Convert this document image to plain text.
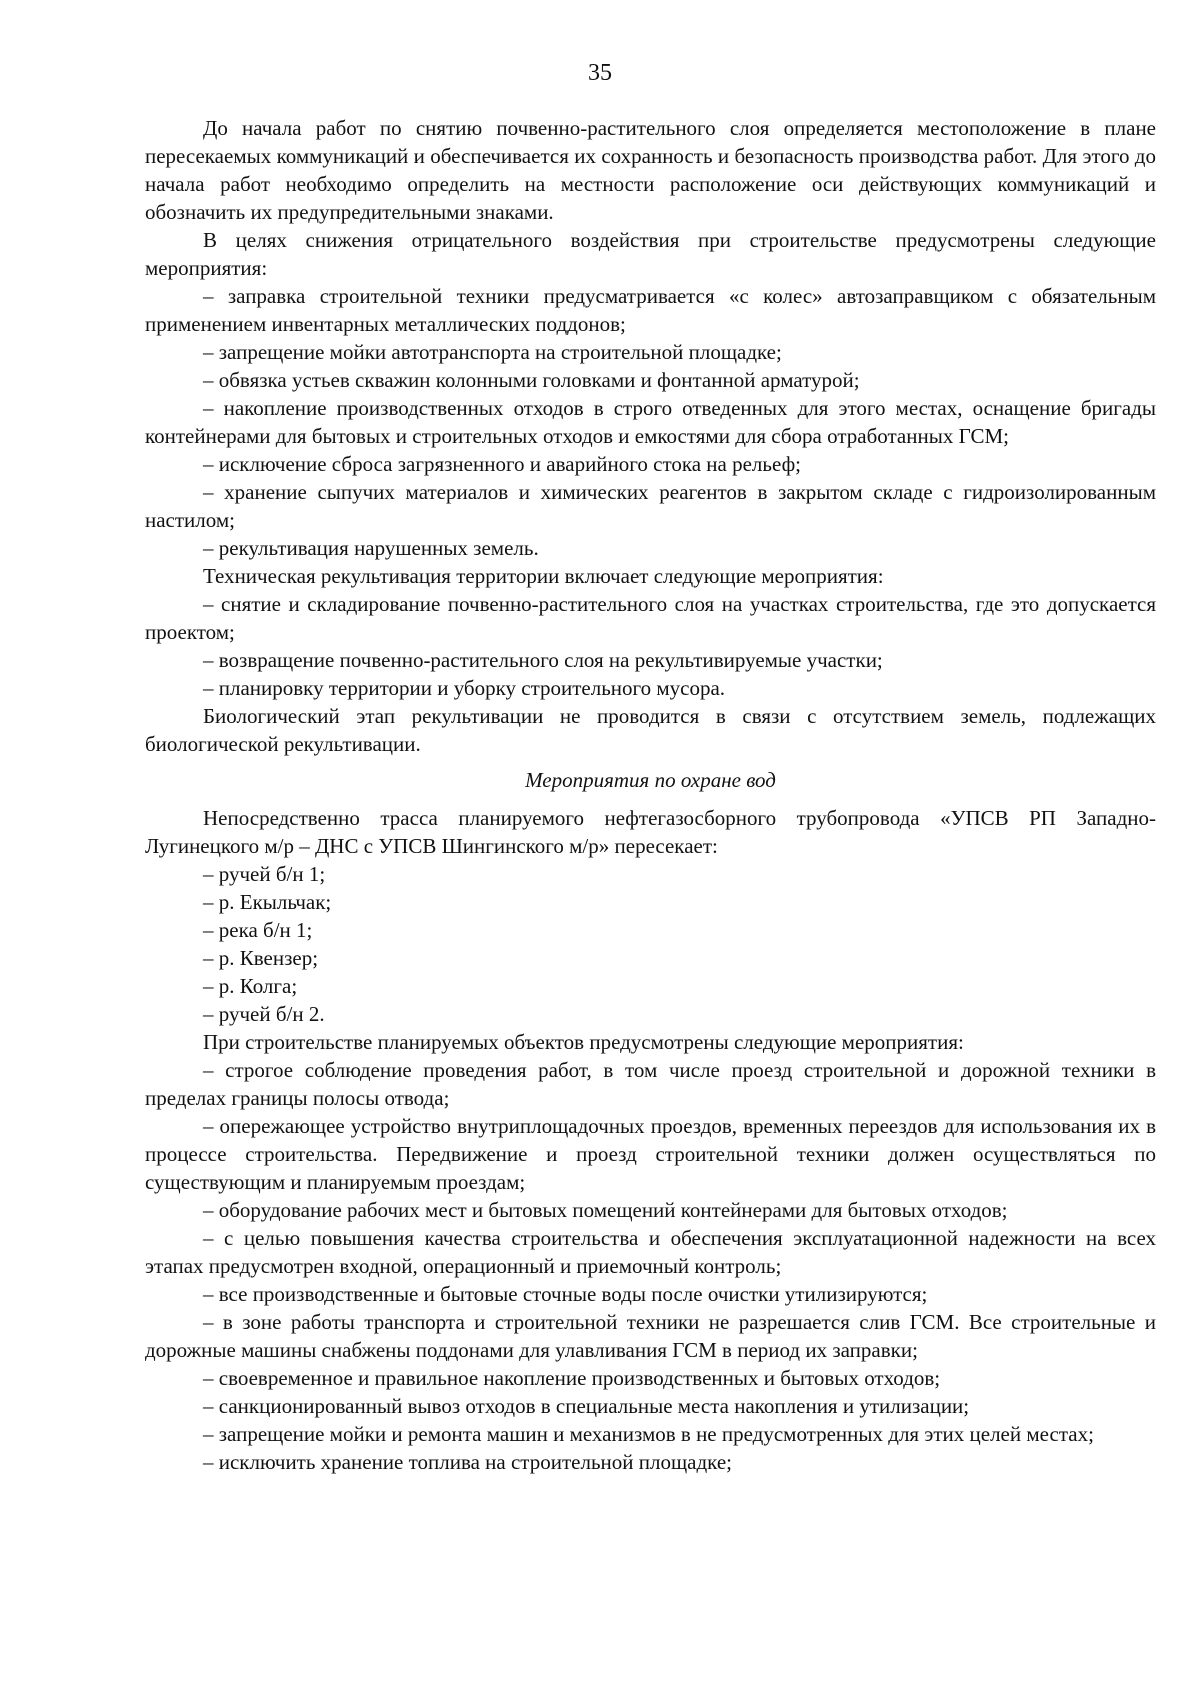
35

До начала работ по снятию почвенно-растительного слоя определяется местоположение в плане пересекаемых коммуникаций и обеспечивается их сохранность и безопасность производства работ. Для этого до начала работ необходимо определить на местности расположение оси действующих коммуникаций и обозначить их предупредительными знаками.

В целях снижения отрицательного воздействия при строительстве предусмотрены следующие мероприятия:

– заправка строительной техники предусматривается «с колес» автозаправщиком с обязательным применением инвентарных металлических поддонов;

– запрещение мойки автотранспорта на строительной площадке;

– обвязка устьев скважин колонными головками и фонтанной арматурой;

– накопление производственных отходов в строго отведенных для этого местах, оснащение бригады контейнерами для бытовых и строительных отходов и емкостями для сбора отработанных ГСМ;

– исключение сброса загрязненного и аварийного стока на рельеф;

– хранение сыпучих материалов и химических реагентов в закрытом складе с гидроизолированным настилом;

– рекультивация нарушенных земель.

Техническая рекультивация территории включает следующие мероприятия:

– снятие и складирование почвенно-растительного слоя на участках строительства, где это допускается проектом;

– возвращение почвенно-растительного слоя на рекультивируемые участки;

– планировку территории и уборку строительного мусора.

Биологический этап рекультивации не проводится в связи с отсутствием земель, подлежащих биологической рекультивации.

Мероприятия по охране вод

Непосредственно трасса планируемого нефтегазосборного трубопровода «УПСВ РП Западно-Лугинецкого м/р – ДНС с УПСВ Шингинского м/р» пересекает:

– ручей б/н 1;

– р. Екыльчак;

– река б/н 1;

– р. Квензер;

– р. Колга;

– ручей б/н 2.

При строительстве планируемых объектов предусмотрены следующие мероприятия:

– строгое соблюдение проведения работ, в том числе проезд строительной и дорожной техники в пределах границы полосы отвода;

– опережающее устройство внутриплощадочных проездов, временных переездов для использования их в процессе строительства. Передвижение и проезд строительной техники должен осуществляться по существующим и планируемым проездам;

– оборудование рабочих мест и бытовых помещений контейнерами для бытовых отходов;

– с целью повышения качества строительства и обеспечения эксплуатационной надежности на всех этапах предусмотрен входной, операционный и приемочный контроль;

– все производственные и бытовые сточные воды после очистки утилизируются;

– в зоне работы транспорта и строительной техники не разрешается слив ГСМ. Все строительные и дорожные машины снабжены поддонами для улавливания ГСМ в период их заправки;

– своевременное и правильное накопление производственных и бытовых отходов;

– санкционированный вывоз отходов в специальные места накопления и утилизации;

– запрещение мойки и ремонта машин и механизмов в не предусмотренных для этих целей местах;

– исключить хранение топлива на строительной площадке;
